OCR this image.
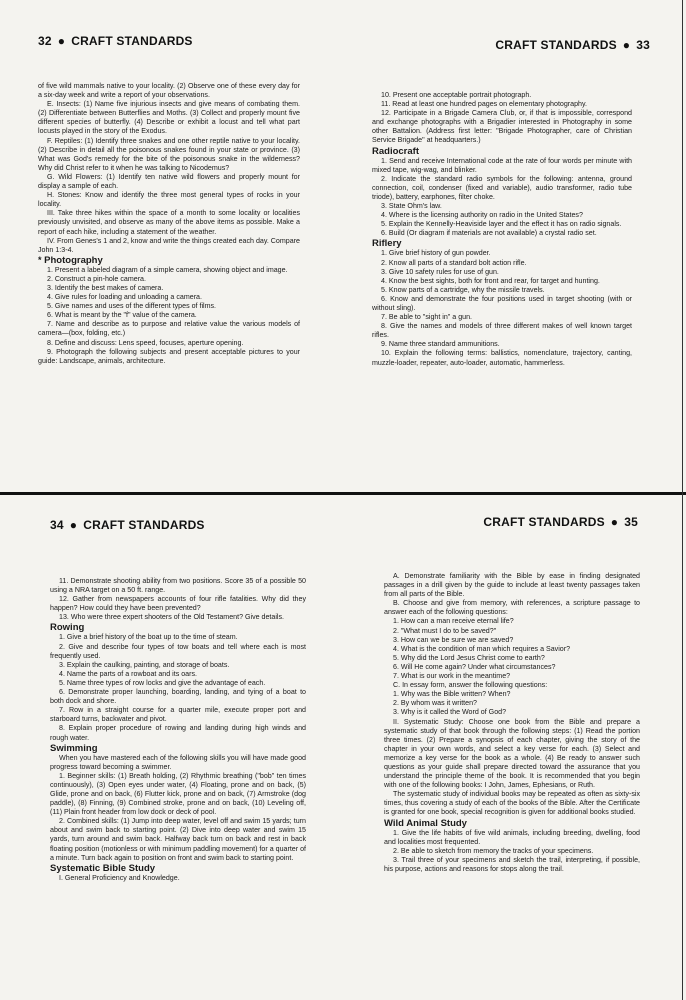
32 ● CRAFT STANDARDS	CRAFT STANDARDS ● 33

of five wild mammals native to your locality. (2) Observe one of these every day for a six-day week and write a report of your observations.

E. Insects: (1) Name five injurious insects and give means of combating them. (2) Differentiate between Butterflies and Moths. (3) Collect and properly mount five different species of butterfly. (4) Describe or exhibit a locust and tell what part locusts played in the story of the Exodus.

F. Reptiles: (1) Identify three snakes and one other reptile native to your locality. (2) Describe in detail all the poisonous snakes found in your state or province. (3) What was God's remedy for the bite of the poisonous snake in the wilderness? Why did Christ refer to it when he was talking to Nicodemus?

G. Wild Flowers: (1) Identify ten native wild flowers and properly mount for display a sample of each.

H. Stones: Know and identify the three most general types of rocks in your locality.

III. Take three hikes within the space of a month to some locality or localities previously unvisited, and observe as many of the above items as possible. Make a report of each hike, including a statement of the weather.

IV. From Genes's 1 and 2, know and write the things created each day. Compare John 1:3-4.

* Photography

1. Present a labeled diagram of a simple camera, showing object and image.

2. Construct a pin-hole camera.

3. Identify the best makes of camera.

4. Give rules for loading and unloading a camera.

5. Give names and uses of the different types of films.

6. What is meant by the "f" value of the camera.

7. Name and describe as to purpose and relative value the various models of camera—(box, folding, etc.)

8. Define and discuss: Lens speed, focuses, aperture opening.

9. Photograph the following subjects and present acceptable pictures to your guide: Landscape, animals, architecture.

10. Present one acceptable portrait photograph.

11. Read at least one hundred pages on elementary photography.

12. Participate in a Brigade Camera Club, or, if that is impossible, correspond and exchange photographs with a Brigadier interested in Photography in some other Battalion. (Address first letter: "Brigade Photographer, care of Christian Service Brigade" at headquarters.)

Radiocraft

1. Send and receive International code at the rate of four words per minute with mixed tape, wig-wag, and blinker.

2. Indicate the standard radio symbols for the following: antenna, ground connection, coil, condenser (fixed and variable), audio transformer, radio tube triode), battery, earphones, filter choke.

3. State Ohm's law.

4. Where is the licensing authority on radio in the United States?

5. Explain the Kennelly-Heaviside layer and the effect it has on radio signals.

6. Build (Or diagram if materials are not available) a crystal radio set.

Riflery

1. Give brief history of gun powder.

2. Know all parts of a standard bolt action rifle.

3. Give 10 safety rules for use of gun.

4. Know the best sights, both for front and rear, for target and hunting.

5. Know parts of a cartridge, why the missile travels.

6. Know and demonstrate the four positions used in target shooting (with or without sling).

7. Be able to "sight in" a gun.

8. Give the names and models of three different makes of well known target rifles.

9. Name three standard ammunitions.

10. Explain the following terms: ballistics, nomenclature, trajectory, canting, muzzle-loader, repeater, auto-loader, automatic, hammerless.

34 ● CRAFT STANDARDS	CRAFT STANDARDS ● 35

11. Demonstrate shooting ability from two positions. Score 35 of a possible 50 using a NRA target on a 50 ft. range.

12. Gather from newspapers accounts of four rifle fatalities. Why did they happen? How could they have been prevented?

13. Who were three expert shooters of the Old Testament? Give details.

Rowing

1. Give a brief history of the boat up to the time of steam.

2. Give and describe four types of tow boats and tell where each is most frequently used.

3. Explain the caulking, painting, and storage of boats.

4. Name the parts of a rowboat and its oars.

5. Name three types of row locks and give the advantage of each.

6. Demonstrate proper launching, boarding, landing, and tying of a boat to both dock and shore.

7. Row in a straight course for a quarter mile, execute proper port and starboard turns, backwater and pivot.

8. Explain proper procedure of rowing and landing during high winds and rough water.

Swimming

When you have mastered each of the following skills you will have made good progress toward becoming a swimmer.

1. Beginner skills: (1) Breath holding, (2) Rhythmic breathing ("bob" ten times continuously), (3) Open eyes under water, (4) Floating, prone and on back, (5) Glide, prone and on back, (6) Flutter kick, prone and on back, (7) Armstroke (dog paddle), (8) Finning, (9) Combined stroke, prone and on back, (10) Leveling off, (11) Plain front header from low dock or deck of pool.

2. Combined skills: (1) Jump into deep water, level off and swim 15 yards; turn about and swim back to starting point. (2) Dive into deep water and swim 15 yards, turn around and swim back. Halfway back turn on back and rest in back floating position (motionless or with minimum paddling movement) for a quarter of a minute. Turn back again to position on front and swim back to starting point.

Systematic Bible Study

I. General Proficiency and Knowledge.

A. Demonstrate familiarity with the Bible by ease in finding designated passages in a drill given by the guide to include at least twenty passages taken from all parts of the Bible.

B. Choose and give from memory, with references, a scripture passage to answer each of the following questions:

1. How can a man receive eternal life?

2. "What must I do to be saved?"

3. How can we be sure we are saved?

4. What is the condition of man which requires a Savior?

5. Why did the Lord Jesus Christ come to earth?

6. Will He come again? Under what circumstances?

7. What is our work in the meantime?

C. In essay form, answer the following questions:

1. Why was the Bible written? When?

2. By whom was it written?

3. Why is it called the Word of God?

II. Systematic Study: Choose one book from the Bible and prepare a systematic study of that book through the following steps: (1) Read the portion three times. (2) Prepare a synopsis of each chapter, giving the story of the chapter in your own words, and select a key verse for each. (3) Select and memorize a key verse for the book as a whole. (4) Be ready to answer such questions as your guide shall prepare directed toward the assurance that you understand the principle theme of the book. It is recommended that you begin with one of the following books: I John, James, Ephesians, or Ruth.

The systematic study of individual books may be repeated as often as sixty-six times, thus covering a study of each of the books of the Bible. After the Certificate is granted for one book, special recognition is given for additional books studied.

Wild Animal Study

1. Give the life habits of five wild animals, including breeding, dwelling, food and localities most frequented.

2. Be able to sketch from memory the tracks of your specimens.

3. Trail three of your specimens and sketch the trail, interpreting, if possible, his purpose, actions and reasons for stops along the trail.
